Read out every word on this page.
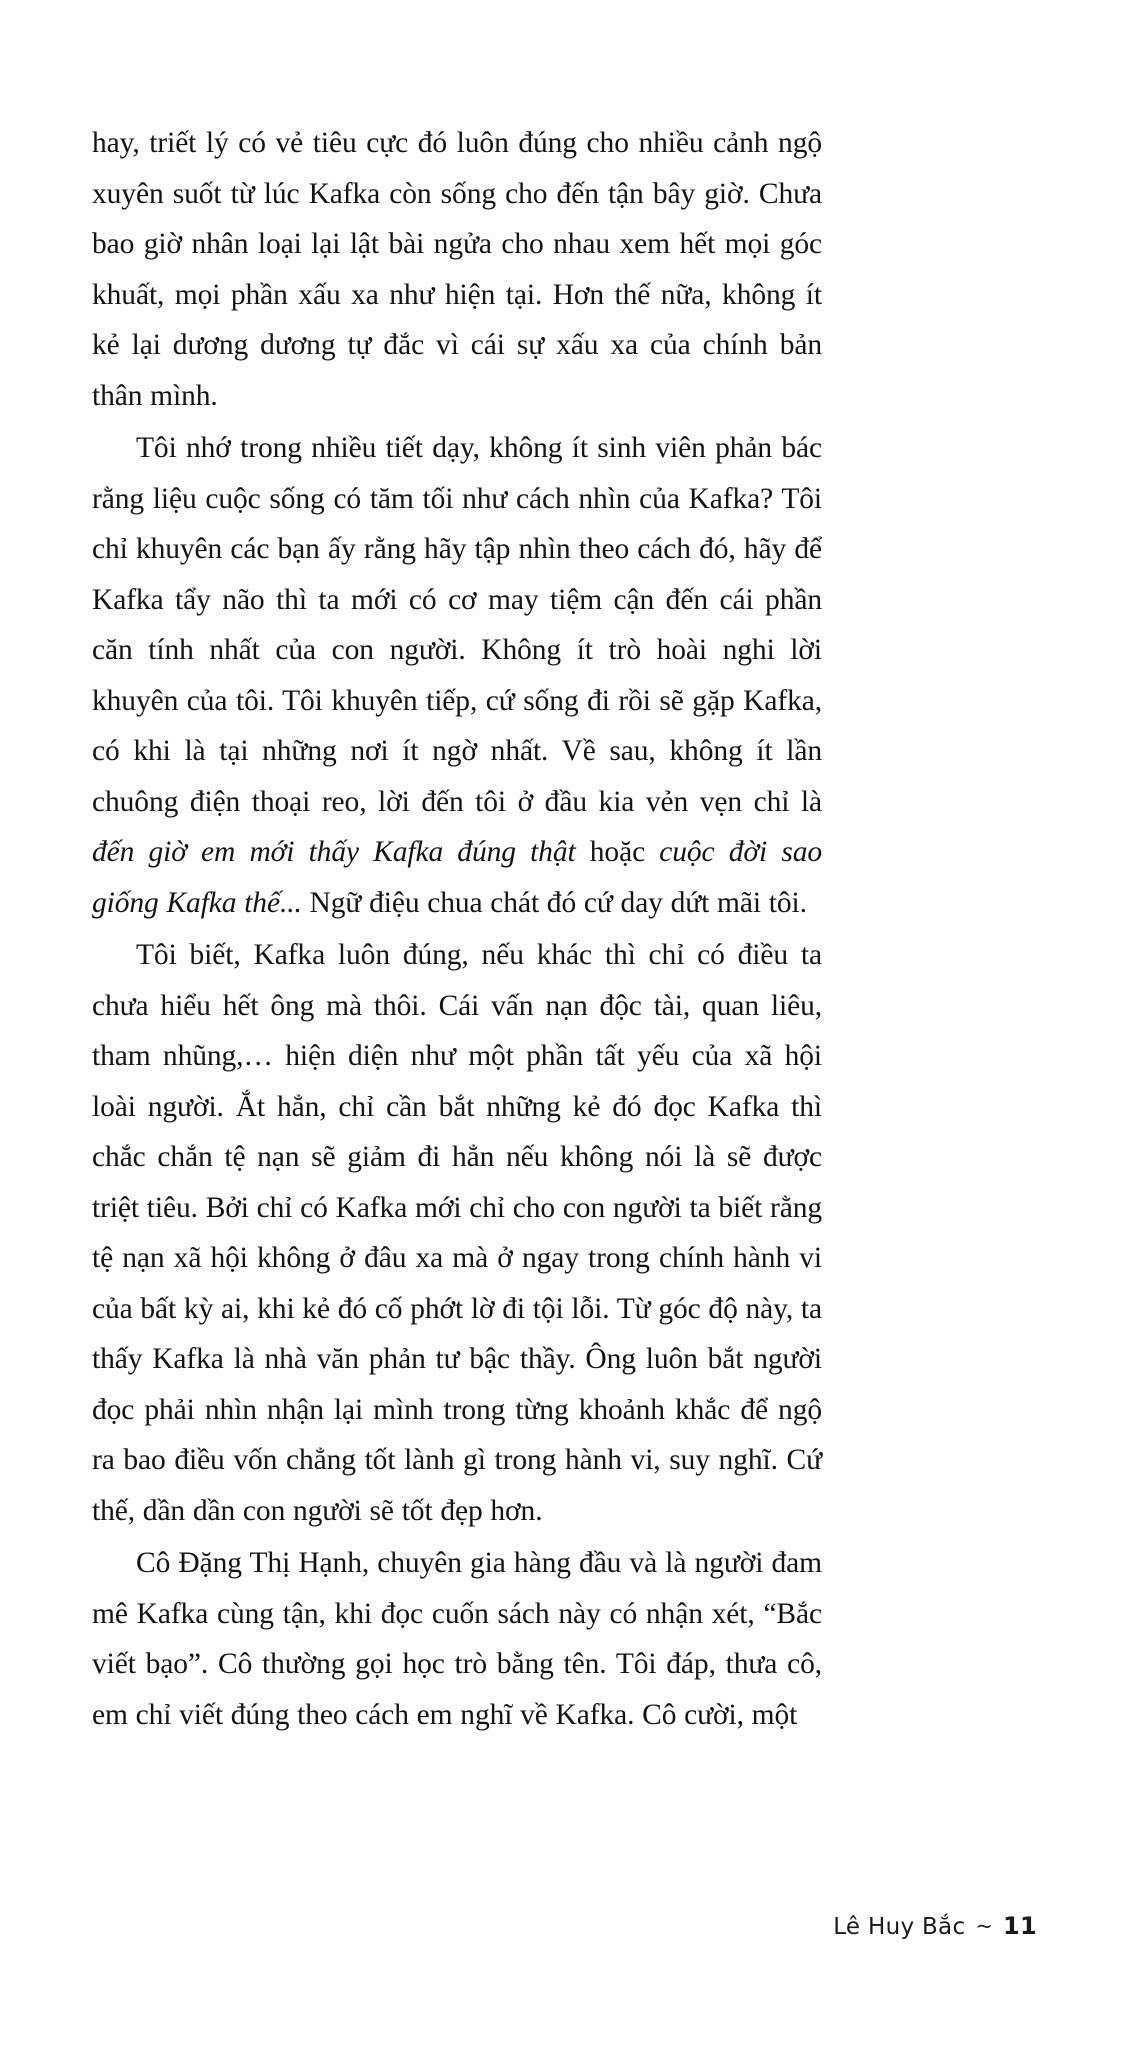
hay, triết lý có vẻ tiêu cực đó luôn đúng cho nhiều cảnh ngộ xuyên suốt từ lúc Kafka còn sống cho đến tận bây giờ. Chưa bao giờ nhân loại lại lật bài ngửa cho nhau xem hết mọi góc khuất, mọi phần xấu xa như hiện tại. Hơn thế nữa, không ít kẻ lại dương dương tự đắc vì cái sự xấu xa của chính bản thân mình.

Tôi nhớ trong nhiều tiết dạy, không ít sinh viên phản bác rằng liệu cuộc sống có tăm tối như cách nhìn của Kafka? Tôi chỉ khuyên các bạn ấy rằng hãy tập nhìn theo cách đó, hãy để Kafka tẩy não thì ta mới có cơ may tiệm cận đến cái phần căn tính nhất của con người. Không ít trò hoài nghi lời khuyên của tôi. Tôi khuyên tiếp, cứ sống đi rồi sẽ gặp Kafka, có khi là tại những nơi ít ngờ nhất. Về sau, không ít lần chuông điện thoại reo, lời đến tôi ở đầu kia vẻn vẹn chỉ là đến giờ em mới thấy Kafka đúng thật hoặc cuộc đời sao giống Kafka thế... Ngữ điệu chua chát đó cứ day dứt mãi tôi.

Tôi biết, Kafka luôn đúng, nếu khác thì chỉ có điều ta chưa hiểu hết ông mà thôi. Cái vấn nạn độc tài, quan liêu, tham nhũng,… hiện diện như một phần tất yếu của xã hội loài người. Ắt hẳn, chỉ cần bắt những kẻ đó đọc Kafka thì chắc chắn tệ nạn sẽ giảm đi hẳn nếu không nói là sẽ được triệt tiêu. Bởi chỉ có Kafka mới chỉ cho con người ta biết rằng tệ nạn xã hội không ở đâu xa mà ở ngay trong chính hành vi của bất kỳ ai, khi kẻ đó cố phớt lờ đi tội lỗi. Từ góc độ này, ta thấy Kafka là nhà văn phản tư bậc thầy. Ông luôn bắt người đọc phải nhìn nhận lại mình trong từng khoảnh khắc để ngộ ra bao điều vốn chẳng tốt lành gì trong hành vi, suy nghĩ. Cứ thế, dần dần con người sẽ tốt đẹp hơn.

Cô Đặng Thị Hạnh, chuyên gia hàng đầu và là người đam mê Kafka cùng tận, khi đọc cuốn sách này có nhận xét, “Bắc viết bạo”. Cô thường gọi học trò bằng tên. Tôi đáp, thưa cô, em chỉ viết đúng theo cách em nghĩ về Kafka. Cô cười, một

Lê Huy Bắc ~ 11
